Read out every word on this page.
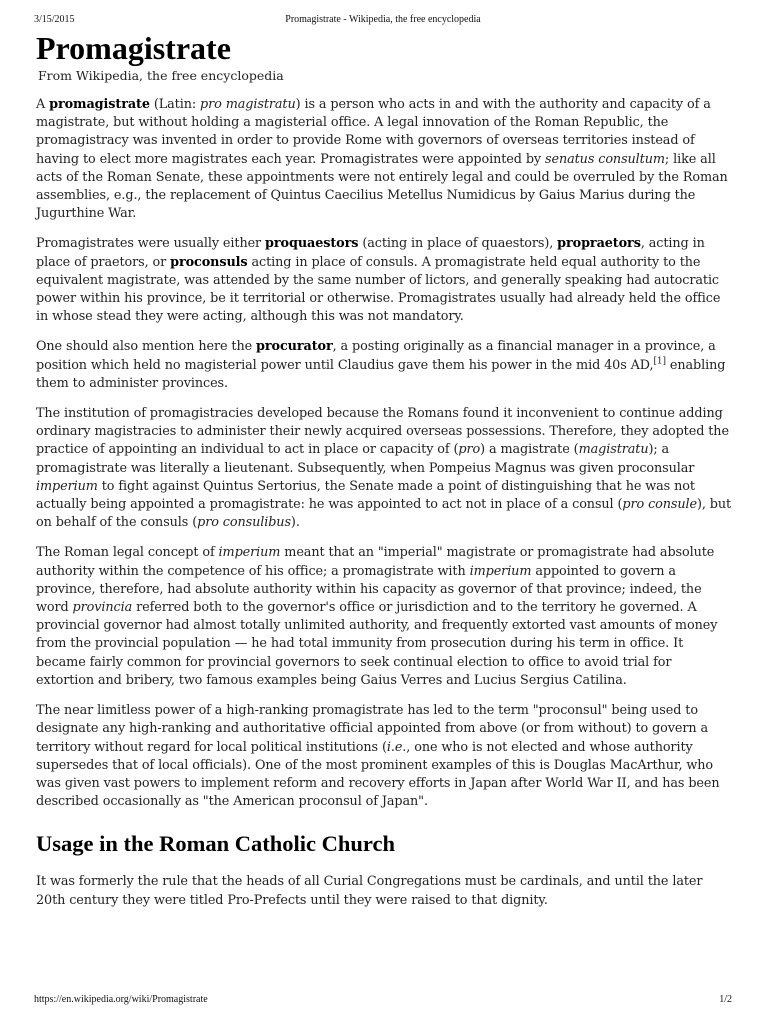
3/15/2015	Promagistrate - Wikipedia, the free encyclopedia
Promagistrate
From Wikipedia, the free encyclopedia

A promagistrate (Latin: pro magistratu) is a person who acts in and with the authority and capacity of a magistrate, but without holding a magisterial office. A legal innovation of the Roman Republic, the promagistracy was invented in order to provide Rome with governors of overseas territories instead of having to elect more magistrates each year. Promagistrates were appointed by senatus consultum; like all acts of the Roman Senate, these appointments were not entirely legal and could be overruled by the Roman assemblies, e.g., the replacement of Quintus Caecilius Metellus Numidicus by Gaius Marius during the Jugurthine War.

Promagistrates were usually either proquaestors (acting in place of quaestors), propraetors, acting in place of praetors, or proconsuls acting in place of consuls. A promagistrate held equal authority to the equivalent magistrate, was attended by the same number of lictors, and generally speaking had autocratic power within his province, be it territorial or otherwise. Promagistrates usually had already held the office in whose stead they were acting, although this was not mandatory.

One should also mention here the procurator, a posting originally as a financial manager in a province, a position which held no magisterial power until Claudius gave them his power in the mid 40s AD,[1] enabling them to administer provinces.

The institution of promagistracies developed because the Romans found it inconvenient to continue adding ordinary magistracies to administer their newly acquired overseas possessions. Therefore, they adopted the practice of appointing an individual to act in place or capacity of (pro) a magistrate (magistratu); a promagistrate was literally a lieutenant. Subsequently, when Pompeius Magnus was given proconsular imperium to fight against Quintus Sertorius, the Senate made a point of distinguishing that he was not actually being appointed a promagistrate: he was appointed to act not in place of a consul (pro consule), but on behalf of the consuls (pro consulibus).

The Roman legal concept of imperium meant that an "imperial" magistrate or promagistrate had absolute authority within the competence of his office; a promagistrate with imperium appointed to govern a province, therefore, had absolute authority within his capacity as governor of that province; indeed, the word provincia referred both to the governor's office or jurisdiction and to the territory he governed. A provincial governor had almost totally unlimited authority, and frequently extorted vast amounts of money from the provincial population — he had total immunity from prosecution during his term in office. It became fairly common for provincial governors to seek continual election to office to avoid trial for extortion and bribery, two famous examples being Gaius Verres and Lucius Sergius Catilina.

The near limitless power of a high-ranking promagistrate has led to the term "proconsul" being used to designate any high-ranking and authoritative official appointed from above (or from without) to govern a territory without regard for local political institutions (i.e., one who is not elected and whose authority supersedes that of local officials). One of the most prominent examples of this is Douglas MacArthur, who was given vast powers to implement reform and recovery efforts in Japan after World War II, and has been described occasionally as "the American proconsul of Japan".

Usage in the Roman Catholic Church

It was formerly the rule that the heads of all Curial Congregations must be cardinals, and until the later 20th century they were titled Pro-Prefects until they were raised to that dignity.

https://en.wikipedia.org/wiki/Promagistrate	1/2
